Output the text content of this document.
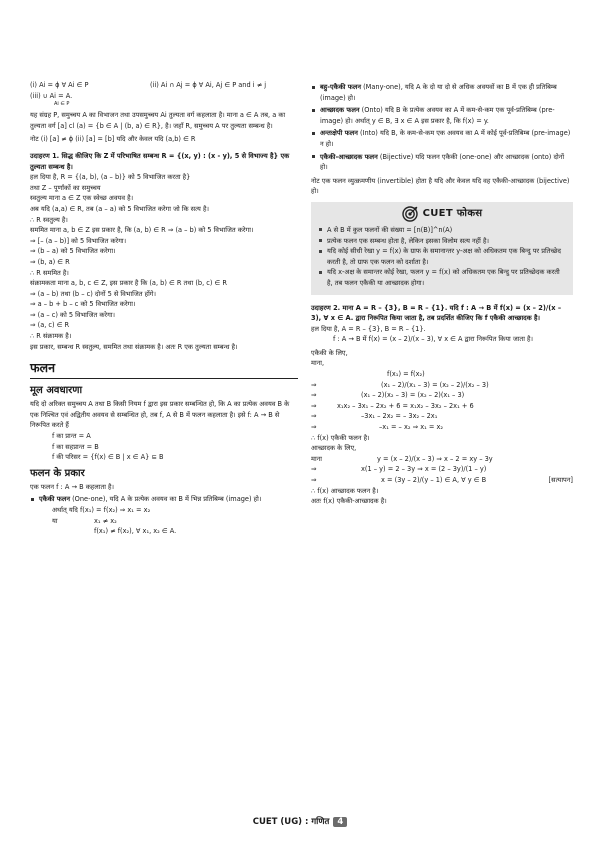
(i) Ai = ϕ ∀ Ai ∈ P	(ii) Ai ∩ Aj = ϕ ∀ Ai, Aj ∈ P and i ≠ j
(iii) ∪ Ai = A.
Ai ∈ P

यह संग्रह P, समुच्चय A का विभाजन तथा उपसमुच्चय Ai तुल्यता वर्ग कहलाता है। माना a ∈ A तब, a का तुल्यता वर्ग [a] cl (a) = {b ∈ A | (b, a) ∈ R}, है। जहाँ R, समुच्चय A पर तुल्यता सम्बन्ध है।

नोट (i) [a] ≠ ϕ (ii) [a] = [b] यदि और केवल यदि (a,b) ∈ R

उदाहरण 1. सिद्ध कीजिए कि Z में परिभाषित सम्बन्ध R = {(x, y) : (x - y), 5 से विभाज्य है} एक तुल्यता सम्बन्ध है।

हल दिया है, R = {(a, b), (a – b)} को 5 विभाजित करता है}

तथा Z – पूर्णांकों का समुच्चय

स्वतुल्य माना a ∈ Z एक स्वेच्छ अवयव है।

अब यदि (a,a) ∈ R, तब (a – a) को 5 विभाजित करेगा जो कि सत्य है।

∴ R स्वतुल्य है।

सममित माना a, b ∈ Z इस प्रकार है, कि (a, b) ∈ R ⇒ (a – b) को 5 विभाजित करेगा।

⇒ [– (a – b)] को 5 विभाजित करेगा।

⇒ (b – a) को 5 विभाजित करेगा।

⇒ (b, a) ∈ R

∴ R सममित है।

संक्रामकता माना a, b, c ∈ Z, इस प्रकार है कि (a, b) ∈ R तथा (b, c) ∈ R

⇒ (a – b) तथा (b – c) दोनों 5 से विभाजित होंगे।

⇒ a – b + b – c को 5 विभाजित करेगा।

⇒ (a – c) को 5 विभाजित करेगा।

⇒ (a, c) ∈ R

∴ R संक्रामक है।

इस प्रकार, सम्बन्ध R स्वतुल्य, सममित तथा संक्रामक है। अतः R एक तुल्यता सम्बन्ध है।

फलन
मूल अवधारणा

यदि दो अरिक्त समुच्चय A तथा B किसी नियम f द्वारा इस प्रकार सम्बन्धित हो, कि A का प्रत्येक अवयव B के एक निश्चित एवं अद्वितीय अवयव से सम्बन्धित हो, तब f, A से B में फलन कहलाता है। इसे f: A → B से निरूपित करते हैं

f का प्रान्त = A

f का सहप्रान्त = B

f की परिसर = {f(x) ∈ B | x ∈ A} ⊆ B

फलन के प्रकार

एक फलन f : A → B कहलाता है।

एकैकी फलन (One-one), यदि A के प्रत्येक अवयव का B में भिन्न प्रतिबिम्ब (image) हो।

अर्थात् यदि f(x₁) = f(x₂) ⇒ x₁ = x₂

या	x₁ ≠ x₂

f(x₁) ≠ f(x₂), ∀ x₁, x₂ ∈ A.

बहु-एकैकी फलन (Many-one), यदि A के दो या दो से अधिक अवयवों का B में एक ही प्रतिबिम्ब (image) हो।
आच्छादक फलन (Onto) यदि B के प्रत्येक अवयव का A में कम-से-कम एक पूर्व-प्रतिबिम्ब (pre-image) हो। अर्थात् y ∈ B, ∃ x ∈ A इस प्रकार है, कि f(x) = y.
अन्तःक्षेपी फलन (Into) यदि B, के कम-से-कम एक अवयव का A में कोई पूर्व-प्रतिबिम्ब (pre-image) न हो।
एकैकी-आच्छादक फलन (Bijective) यदि फलन एकैकी (one-one) और आच्छादक (onto) दोनों हो।

नोट एक फलन व्युत्क्रमणीय (invertible) होता है यदि और केवल यदि वह एकैकी-आच्छादक (bijective) हो।

CUET फोकस
A से B में कुल फलनों की संख्या = [n(B)]^n(A)
प्रत्येक फलन एक सम्बन्ध होता है, लेकिन इसका विलोम सत्य नहीं है।
यदि कोई सीधी रेखा y = f(x) के ग्राफ के समानान्तर y-अक्ष को अधिकतम एक बिन्दु पर प्रतिच्छेद करती है, तो ग्राफ एक फलन को दर्शाता है।
यदि x-अक्ष के समान्तर कोई रेखा, फलन y = f(x) को अधिकतम एक बिन्दु पर प्रतिच्छेदक करती है, तब फलन एकैकी या आच्छादक होगा।

उदाहरण 2. माना A = R – {3}, B = R – {1}. यदि f : A → B में f(x) = (x – 2)/(x – 3), ∀ x ∈ A. द्वारा निरूपित किया जाता है, तब प्रदर्शित कीजिए कि f एकैकी आच्छादक है।

हल दिया है, A = R – {3}, B = R – {1}.

f : A → B में f(x) = (x – 2)/(x – 3), ∀ x ∈ A द्वारा निरूपित किया जाता है।

एकैकी के लिए,

माना,

f(x₁) = f(x₂)
⇒	(x₁ – 2)/(x₁ – 3) = (x₂ – 2)/(x₂ – 3)
⇒	(x₁ – 2)(x₂ – 3) = (x₂ – 2)(x₁ – 3)
⇒	x₁x₂ – 3x₁ – 2x₂ + 6 = x₁x₂ – 3x₂ – 2x₁ + 6
⇒	–3x₁ – 2x₂ = – 3x₂ – 2x₁
⇒	–x₁ = – x₂ ⇒ x₁ = x₂

∴ f(x) एकैकी फलन है।

आच्छादक के लिए,

माना	y = (x – 2)/(x – 3) ⇒ x – 2 = xy – 3y
⇒	x(1 – y) = 2 – 3y ⇒ x = (2 – 3y)/(1 – y)
⇒	x = (3y – 2)/(y – 1) ∈ A, ∀ y ∈ B	[सत्यापन]

∴ f(x) आच्छादक फलन है।

अतः f(x) एकैकी-आच्छादक है।

CUET (UG) : गणित 4
